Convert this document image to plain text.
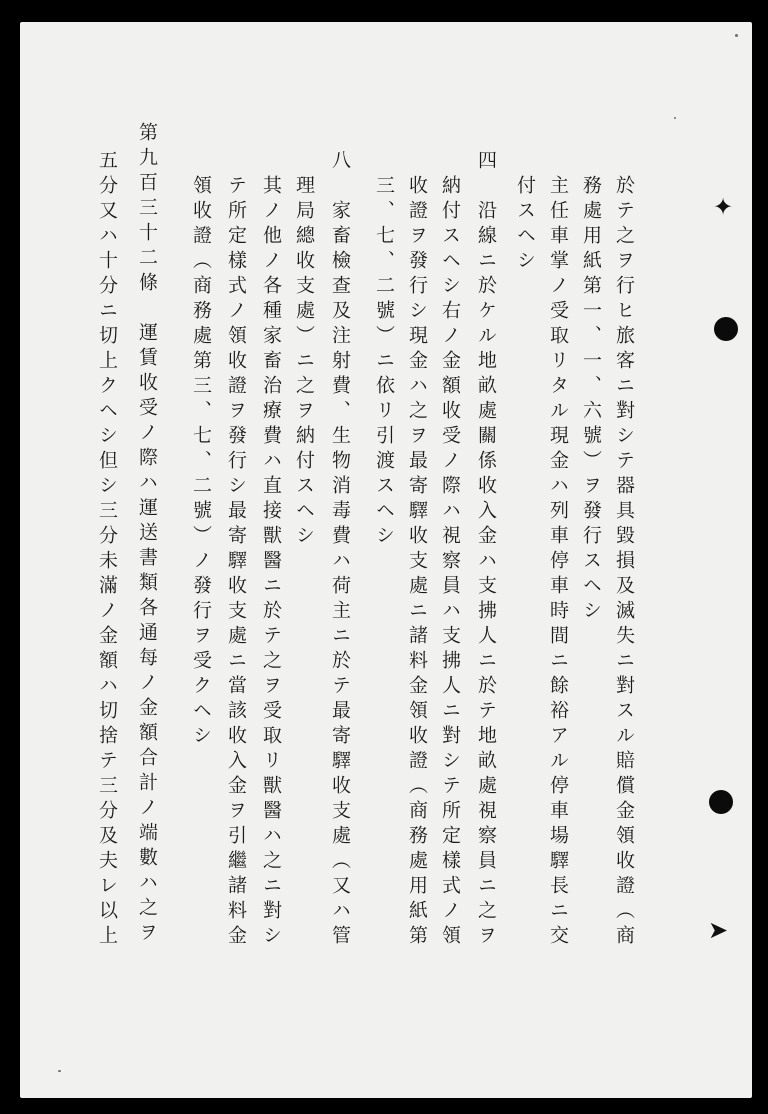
於テ之ヲ行ヒ旅客ニ對シテ器具毀損及滅失ニ對スル賠償金領收證（商
務處用紙第一、一、六號）ヲ發行スヘシ
主任車掌ノ受取リタル現金ハ列車停車時間ニ餘裕アル停車場驛長ニ交
付スヘシ
四　沿線ニ於ケル地畝處關係收入金ハ支拂人ニ於テ地畝處視察員ニ之ヲ
納付スヘシ右ノ金額收受ノ際ハ視察員ハ支拂人ニ對シテ所定樣式ノ領
收證ヲ發行シ現金ハ之ヲ最寄驛收支處ニ諸料金領收證（商務處用紙第
三、七、二號）ニ依リ引渡スヘシ
八　家畜檢查及注射費、生物消毒費ハ荷主ニ於テ最寄驛收支處（又ハ管
理局總收支處）ニ之ヲ納付スヘシ
其ノ他ノ各種家畜治療費ハ直接獸醫ニ於テ之ヲ受取リ獸醫ハ之ニ對シ
テ所定樣式ノ領收證ヲ發行シ最寄驛收支處ニ當該收入金ヲ引繼諸料金
領收證（商務處第三、七、二號）ノ發行ヲ受クヘシ
第九百三十二條　運賃收受ノ際ハ運送書類各通每ノ金額合計ノ端數ハ之ヲ
五分又ハ十分ニ切上クヘシ但シ三分未滿ノ金額ハ切捨テ三分及夫レ以上	✦
➤
